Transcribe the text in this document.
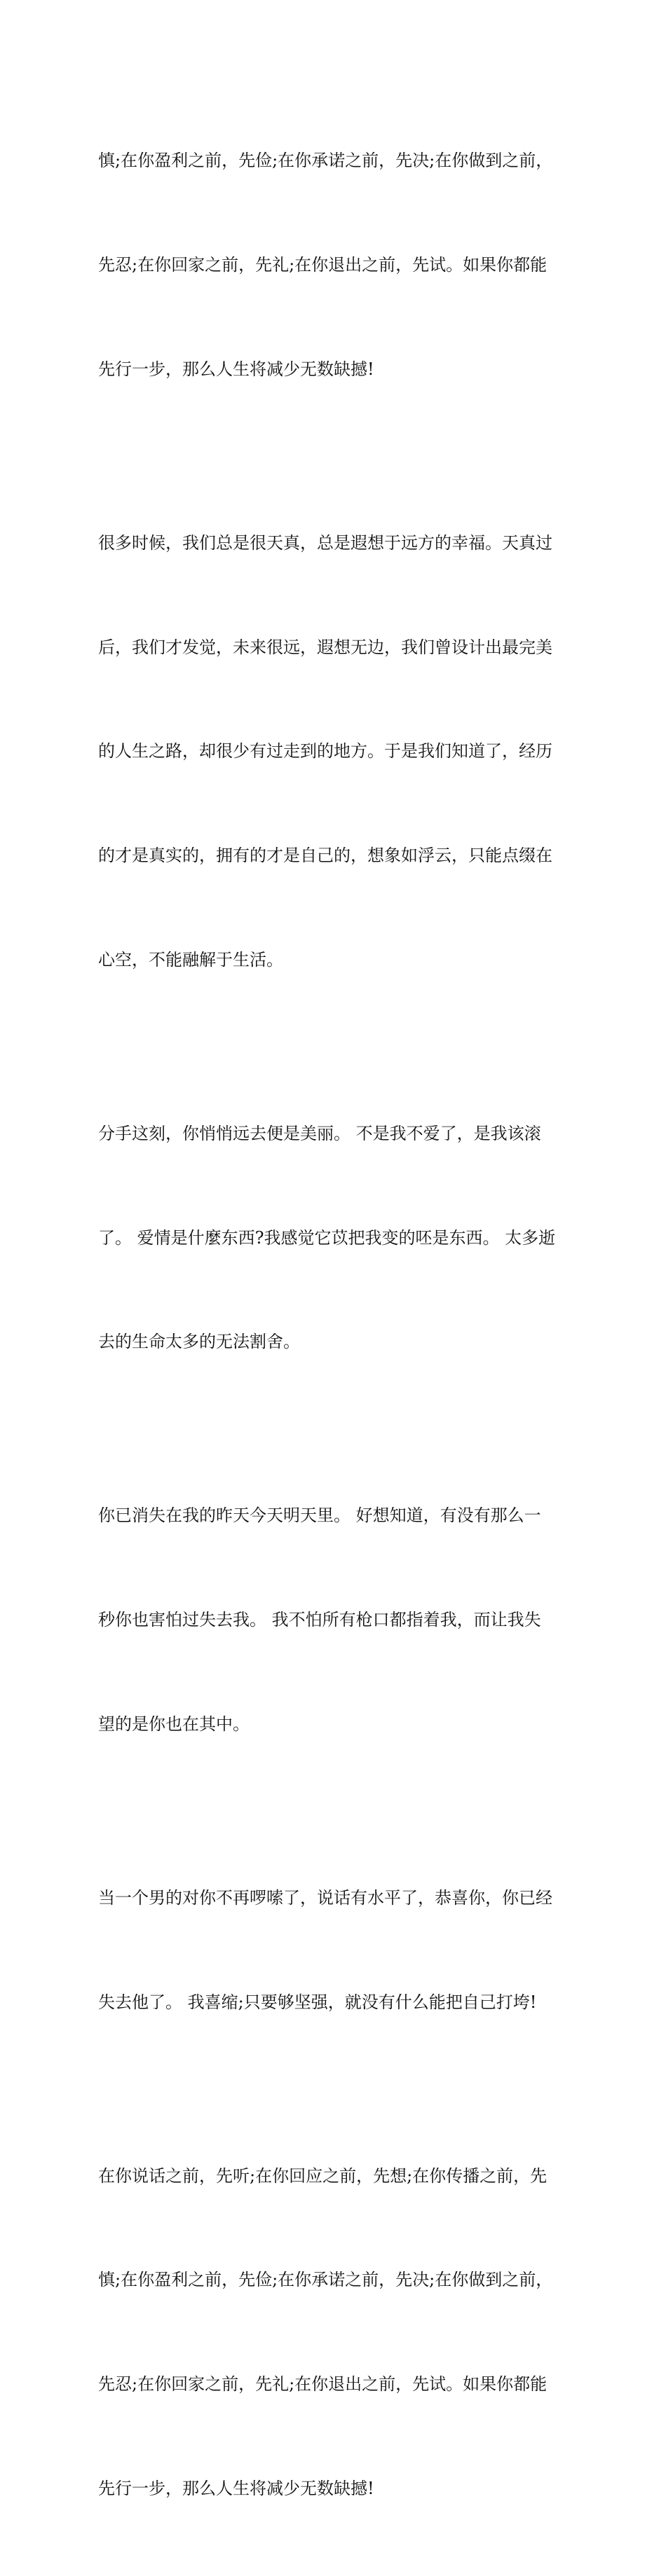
慎;在你盈利之前，先俭;在你承诺之前，先决;在你做到之前，

先忍;在你回家之前，先礼;在你退出之前，先试。如果你都能

先行一步，那么人生将减少无数缺撼!

很多时候，我们总是很天真，总是遐想于远方的幸福。天真过

后，我们才发觉，未来很远，遐想无边，我们曾设计出最完美

的人生之路，却很少有过走到的地方。于是我们知道了，经历

的才是真实的，拥有的才是自己的，想象如浮云，只能点缀在

心空，不能融解于生活。

分手这刻，你悄悄远去便是美丽。 不是我不爱了，是我该滚

了。 爱情是什麼东西?我感觉它苡把我变的呸是东西。 太多逝

去的生命太多的无法割舍。

你已消失在我的昨天今天明天里。 好想知道，有没有那么一

秒你也害怕过失去我。 我不怕所有枪口都指着我，而让我失

望的是你也在其中。

当一个男的对你不再啰嗦了，说话有水平了，恭喜你，你已经

失去他了。 我喜缩;只要够坚强，就没有什么能把自己打垮!

在你说话之前，先听;在你回应之前，先想;在你传播之前，先

慎;在你盈利之前，先俭;在你承诺之前，先决;在你做到之前，

先忍;在你回家之前，先礼;在你退出之前，先试。如果你都能

先行一步，那么人生将减少无数缺撼!
